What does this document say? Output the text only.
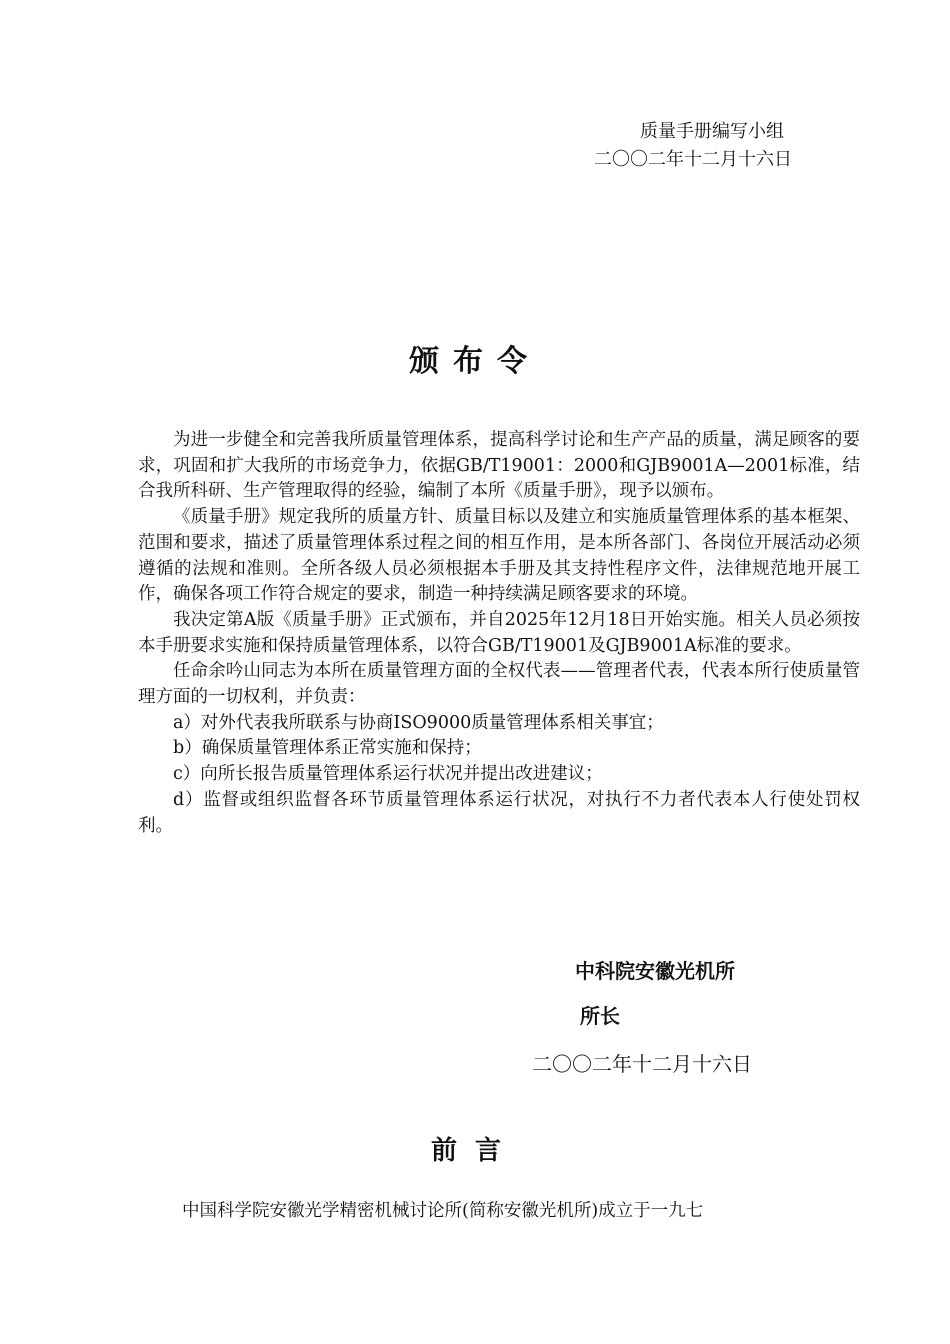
质量手册编写小组
二〇〇二年十二月十六日
颁布令

为进一步健全和完善我所质量管理体系，提高科学讨论和生产产品的质量，满足顾客的要求，巩固和扩大我所的市场竞争力，依据GB/T19001：2000和GJB9001A—2001标准，结合我所科研、生产管理取得的经验，编制了本所《质量手册》，现予以颁布。

《质量手册》规定我所的质量方针、质量目标以及建立和实施质量管理体系的基本框架、范围和要求，描述了质量管理体系过程之间的相互作用，是本所各部门、各岗位开展活动必须遵循的法规和准则。全所各级人员必须根据本手册及其支持性程序文件，法律规范地开展工作，确保各项工作符合规定的要求，制造一种持续满足顾客要求的环境。

我决定第A版《质量手册》正式颁布，并自2025年12月18日开始实施。相关人员必须按本手册要求实施和保持质量管理体系，以符合GB/T19001及GJB9001A标准的要求。

任命余吟山同志为本所在质量管理方面的全权代表——管理者代表，代表本所行使质量管理方面的一切权利，并负责：

a）对外代表我所联系与协商ISO9000质量管理体系相关事宜；

b）确保质量管理体系正常实施和保持；

c）向所长报告质量管理体系运行状况并提出改进建议；

d）监督或组织监督各环节质量管理体系运行状况，对执行不力者代表本人行使处罚权利。

中科院安徽光机所
所长
二〇〇二年十二月十六日
前言
中国科学院安徽光学精密机械讨论所(简称安徽光机所)成立于一九七
